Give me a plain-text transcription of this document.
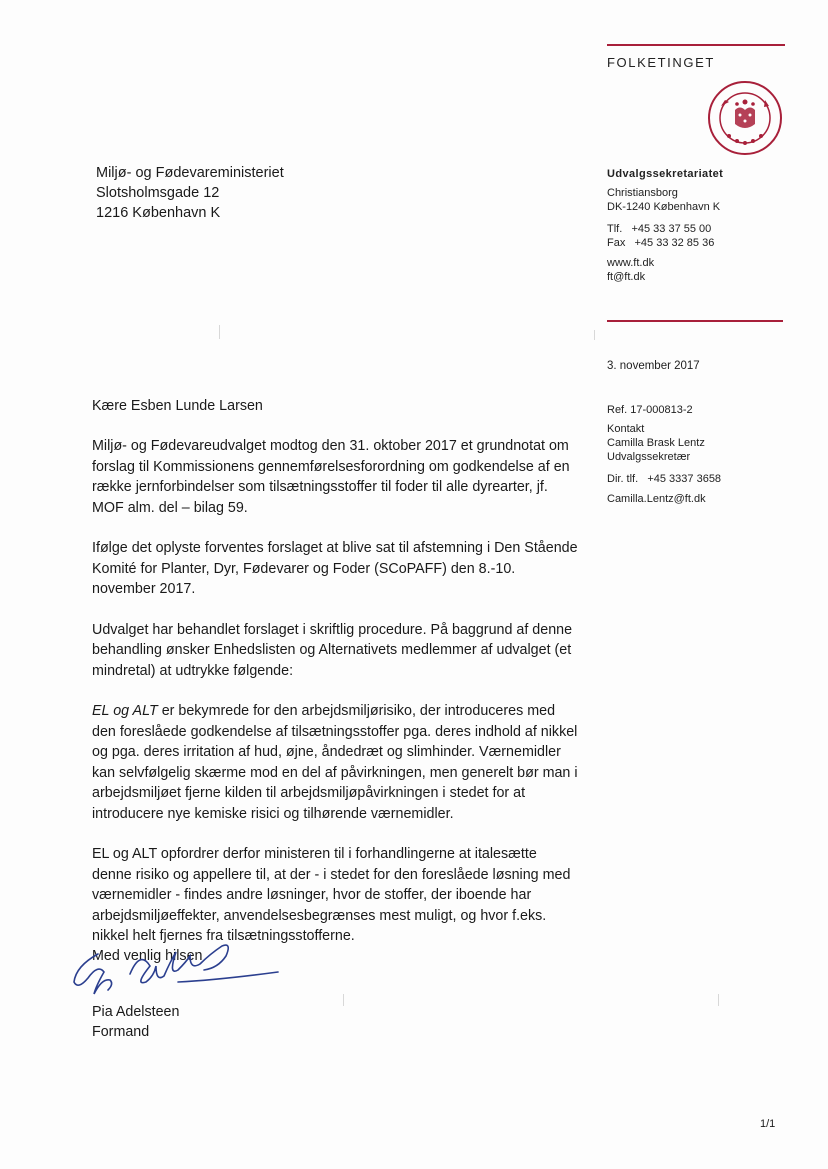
FOLKETINGET
Miljø- og Fødevareministeriet
Slotsholmsgade 12
1216 København K
Udvalgssekretariatet
Christiansborg
DK-1240 København K
Tlf.   +45 33 37 55 00
Fax   +45 33 32 85 36
www.ft.dk
ft@ft.dk
3. november 2017
Ref. 17-000813-2
Kontakt
Camilla Brask Lentz
Udvalgssekretær
Dir. tlf.   +45 3337 3658
Camilla.Lentz@ft.dk
Kære Esben Lunde Larsen

Miljø- og Fødevareudvalget modtog den 31. oktober 2017 et grundnotat om forslag til Kommissionens gennemførelsesforordning om godkendelse af en række jernforbindelser som tilsætningsstoffer til foder til alle dyrearter, jf. MOF alm. del – bilag 59.

Ifølge det oplyste forventes forslaget at blive sat til afstemning i Den Stående Komité for Planter, Dyr, Fødevarer og Foder (SCoPAFF) den 8.-10. november 2017.

Udvalget har behandlet forslaget i skriftlig procedure. På baggrund af denne behandling ønsker Enhedslisten og Alternativets medlemmer af udvalget (et mindretal) at udtrykke følgende:

EL og ALT er bekymrede for den arbejdsmiljørisiko, der introduceres med den foreslåede godkendelse af tilsætningsstoffer pga. deres indhold af nikkel og pga. deres irritation af hud, øjne, åndedræt og slimhinder. Værnemidler kan selvfølgelig skærme mod en del af påvirkningen, men generelt bør man i arbejdsmiljøet fjerne kilden til arbejdsmiljøpåvirkningen i stedet for at introducere nye kemiske risici og tilhørende værnemidler.

EL og ALT opfordrer derfor ministeren til i forhandlingerne at italesætte denne risiko og appellere til, at der - i stedet for den foreslåede løsning med værnemidler - findes andre løsninger, hvor de stoffer, der iboende har arbejdsmiljøeffekter, anvendelsesbegrænses mest muligt, og hvor f.eks. nikkel helt fjernes fra tilsætningsstofferne.

Med venlig hilsen
Pia Adelsteen
Formand
1/1
